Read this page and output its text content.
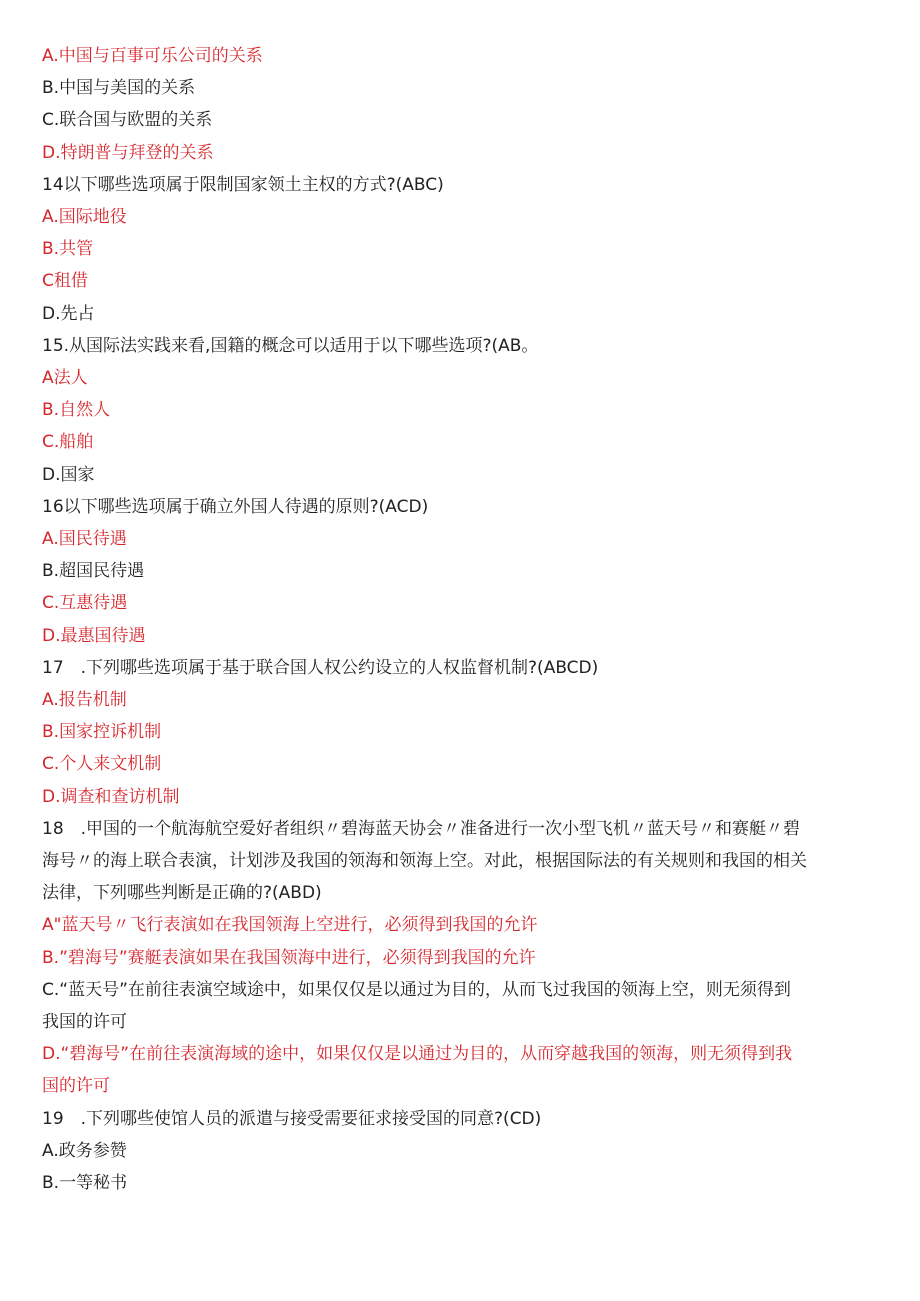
A.中国与百事可乐公司的关系
B.中国与美国的关系
C.联合国与欧盟的关系
D.特朗普与拜登的关系
14以下哪些选项属于限制国家领土主权的方式?(ABC)
A.国际地役
B.共管
C租借
D.先占
15.从国际法实践来看,国籍的概念可以适用于以下哪些选项?(AB。
A法人
B.自然人
C.船舶
D.国家
16以下哪些选项属于确立外国人待遇的原则?(ACD)
A.国民待遇
B.超国民待遇
C.互惠待遇
D.最惠国待遇
17　.下列哪些选项属于基于联合国人权公约设立的人权监督机制?(ABCD)
A.报告机制
B.国家控诉机制
C.个人来文机制
D.调查和查访机制
18　.甲国的一个航海航空爱好者组织〃碧海蓝天协会〃准备进行一次小型飞机〃蓝天号〃和赛艇〃碧
海号〃的海上联合表演，计划涉及我国的领海和领海上空。对此，根据国际法的有关规则和我国的相关
法律，下列哪些判断是正确的?(ABD)
A"蓝天号〃飞行表演如在我国领海上空进行，必须得到我国的允许
B.”碧海号”赛艇表演如果在我国领海中进行，必须得到我国的允许
C.“蓝天号”在前往表演空域途中，如果仅仅是以通过为目的，从而飞过我国的领海上空，则无须得到
我国的许可
D.“碧海号”在前往表演海域的途中，如果仅仅是以通过为目的，从而穿越我国的领海，则无须得到我
国的许可
19　.下列哪些使馆人员的派遣与接受需要征求接受国的同意?(CD)
A.政务参赞
B.一等秘书
